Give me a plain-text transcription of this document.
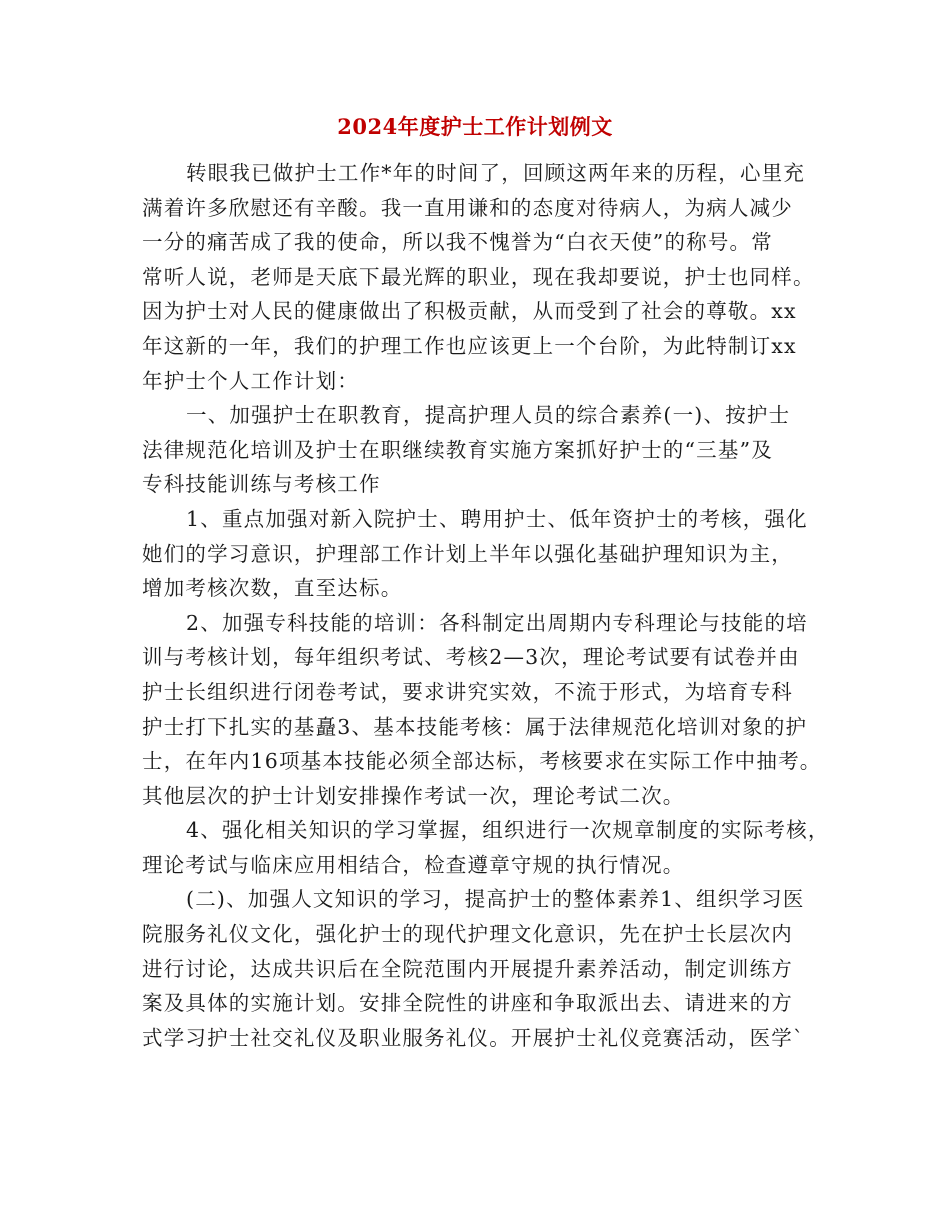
2024年度护士工作计划例文
转眼我已做护士工作*年的时间了，回顾这两年来的历程，心里充
满着许多欣慰还有辛酸。我一直用谦和的态度对待病人，为病人减少
一分的痛苦成了我的使命，所以我不愧誉为“白衣天使”的称号。常
常听人说，老师是天底下最光辉的职业，现在我却要说，护士也同样。
因为护士对人民的健康做出了积极贡献，从而受到了社会的尊敬。xx
年这新的一年，我们的护理工作也应该更上一个台阶，为此特制订xx
年护士个人工作计划：
一、加强护士在职教育，提高护理人员的综合素养(一)、按护士
法律规范化培训及护士在职继续教育实施方案抓好护士的“三基”及
专科技能训练与考核工作
1、重点加强对新入院护士、聘用护士、低年资护士的考核，强化
她们的学习意识，护理部工作计划上半年以强化基础护理知识为主，
增加考核次数，直至达标。
2、加强专科技能的培训：各科制定出周期内专科理论与技能的培
训与考核计划，每年组织考试、考核2—3次，理论考试要有试卷并由
护士长组织进行闭卷考试，要求讲究实效，不流于形式，为培育专科
护士打下扎实的基矗3、基本技能考核：属于法律规范化培训对象的护
士，在年内16项基本技能必须全部达标，考核要求在实际工作中抽考。
其他层次的护士计划安排操作考试一次，理论考试二次。
4、强化相关知识的学习掌握，组织进行一次规章制度的实际考核，
理论考试与临床应用相结合，检查遵章守规的执行情况。
(二)、加强人文知识的学习，提高护士的整体素养1、组织学习医
院服务礼仪文化，强化护士的现代护理文化意识，先在护士长层次内
进行讨论，达成共识后在全院范围内开展提升素养活动，制定训练方
案及具体的实施计划。安排全院性的讲座和争取派出去、请进来的方
式学习护士社交礼仪及职业服务礼仪。开展护士礼仪竞赛活动，医学`
